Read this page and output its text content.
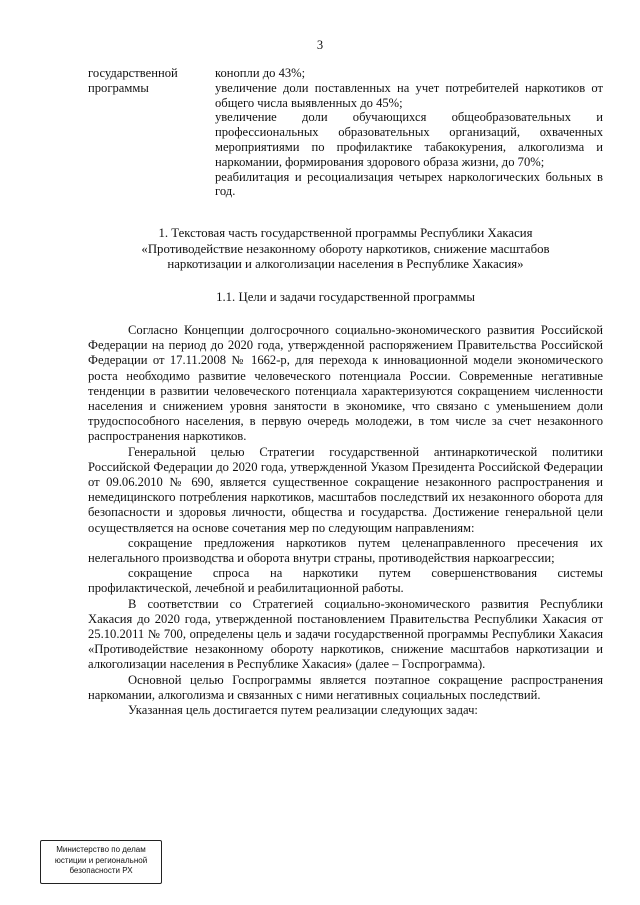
3
государственной
программы

конопли до 43%;

увеличение доли поставленных на учет потребителей наркотиков от общего числа выявленных до 45%;

увеличение доли обучающихся общеобразовательных и профессиональных образовательных организаций, охваченных мероприятиями по профилактике табакокурения, алкоголизма и наркомании, формирования здорового образа жизни, до 70%;

реабилитация и ресоциализация четырех наркологических больных в год.

1. Текстовая часть государственной программы Республики Хакасия
«Противодействие незаконному обороту наркотиков, снижение масштабов
наркотизации и алкоголизации населения в Республике Хакасия»
1.1. Цели и задачи государственной программы

Согласно Концепции долгосрочного социально-экономического развития Российской Федерации на период до 2020 года, утвержденной распоряжением Правительства Российской Федерации от 17.11.2008 № 1662-р, для перехода к инновационной модели экономического роста необходимо развитие человеческого потенциала России. Современные негативные тенденции в развитии человеческого потенциала характеризуются сокращением численности населения и снижением уровня занятости в экономике, что связано с уменьшением доли трудоспособного населения, в первую очередь молодежи, в том числе за счет незаконного распространения наркотиков.

Генеральной целью Стратегии государственной антинаркотической политики Российской Федерации до 2020 года, утвержденной Указом Президента Российской Федерации от 09.06.2010 № 690, является существенное сокращение незаконного распространения и немедицинского потребления наркотиков, масштабов последствий их незаконного оборота для безопасности и здоровья личности, общества и государства. Достижение генеральной цели осуществляется на основе сочетания мер по следующим направлениям:

сокращение предложения наркотиков путем целенаправленного пресечения их нелегального производства и оборота внутри страны, противодействия наркоагрессии;

сокращение спроса на наркотики путем совершенствования системы профилактической, лечебной и реабилитационной работы.

В соответствии со Стратегией социально-экономического развития Республики Хакасия до 2020 года, утвержденной постановлением Правительства Республики Хакасия от 25.10.2011 № 700, определены цель и задачи государственной программы Республики Хакасия «Противодействие незаконному обороту наркотиков, снижение масштабов наркотизации и алкоголизации населения в Республике Хакасия» (далее – Госпрограмма).

Основной целью Госпрограммы является поэтапное сокращение распространения наркомании, алкоголизма и связанных с ними негативных социальных последствий.

Указанная цель достигается путем реализации следующих задач:

Министерство по делам
юстиции и региональной
безопасности РХ
